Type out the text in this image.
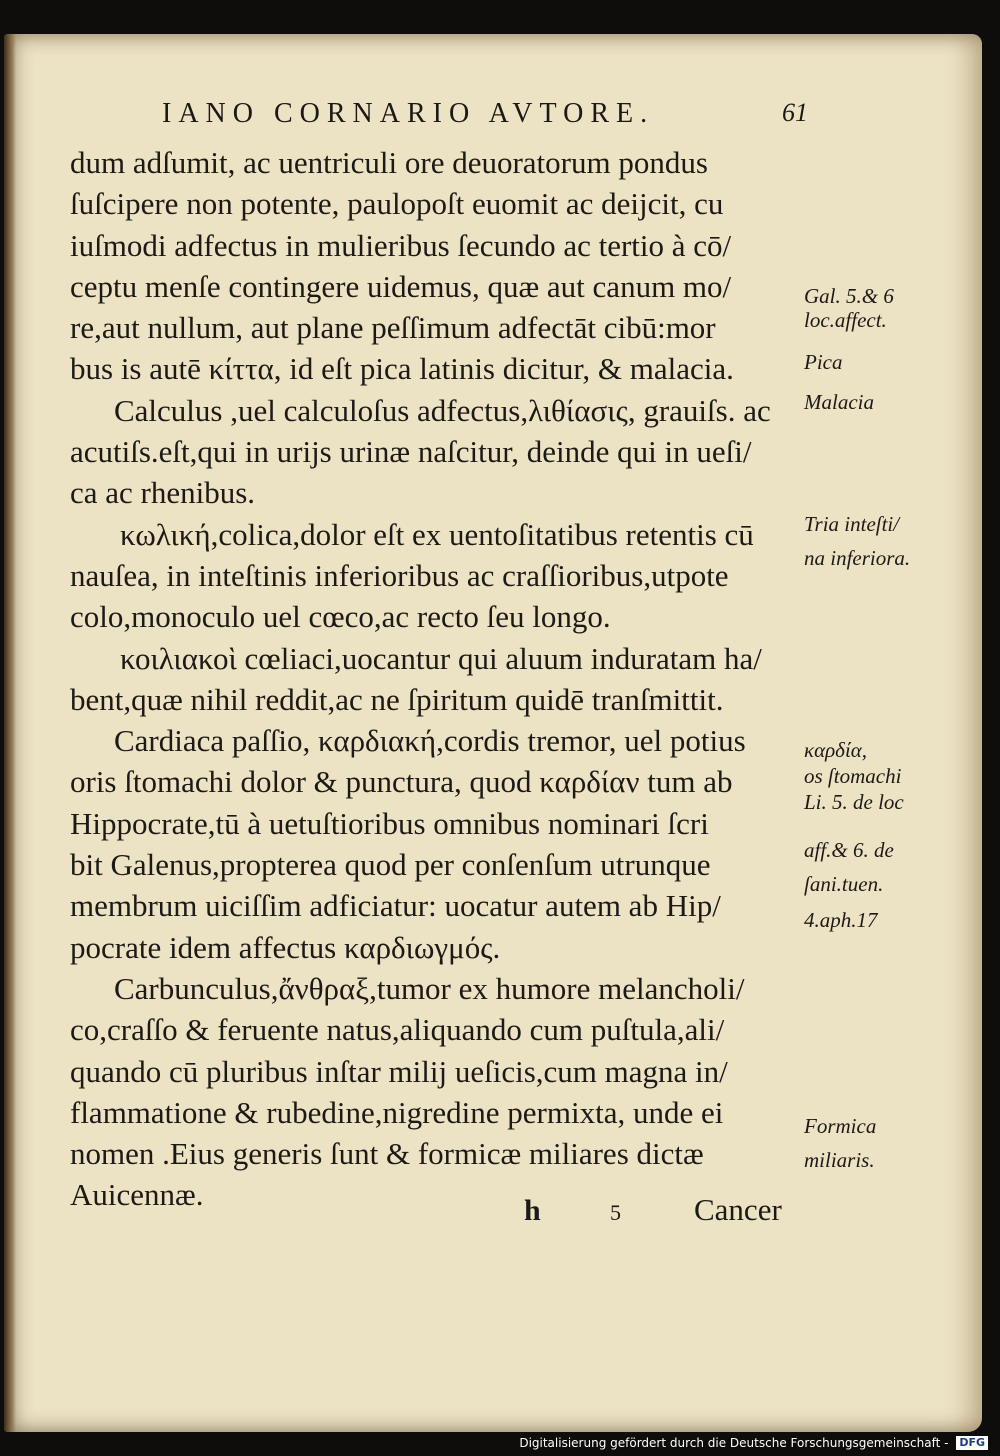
IANO CORNARIO AVTORE.	61
dum adſumit, ac uentriculi ore deuoratorum pondus
ſuſcipere non potente, paulopoſt euomit ac deijcit, cu
iuſmodi adfectus in mulieribus ſecundo ac tertio à cō/
ceptu menſe contingere uidemus, quæ aut canum mo/
re,aut nullum, aut plane peſſimum adfectāt cibū:mor
bus is autē κίττα, id eſt pica latinis dicitur, & malacia.
Calculus ,uel calculoſus adfectus,λιθίασις, grauiſs. ac
acutiſs.eſt,qui in urijs urinæ naſcitur, deinde qui in ueſi/
ca ac rhenibus.
κωλική,colica,dolor eſt ex uentoſitatibus retentis cū
nauſea, in inteſtinis inferioribus ac craſſioribus,utpote
colo,monoculo uel cœco,ac recto ſeu longo.
κοιλιακοὶ cœliaci,uocantur qui aluum induratam ha/
bent,quæ nihil reddit,ac ne ſpiritum quidē tranſmittit.
Cardiaca paſſio, καρδιακή,cordis tremor, uel potius
oris ſtomachi dolor & punctura, quod καρδίαν tum ab
Hippocrate,tū à uetuſtioribus omnibus nominari ſcri
bit Galenus,propterea quod per conſenſum utrunque
membrum uiciſſim adficiatur: uocatur autem ab Hip/
pocrate idem affectus καρδιωγμός.
Carbunculus,ἄνθραξ,tumor ex humore melancholi/
co,craſſo & feruente natus,aliquando cum puſtula,ali/
quando cū pluribus inſtar milij ueſicis,cum magna in/
flammatione & rubedine,nigredine permixta, unde ei
nomen .Eius generis ſunt & formicæ miliares dictæ
Auicennæ.
Gal. 5.& 6
loc.affect.
Pica
Malacia
Tria inteſti/
na inferiora.
καρδία,
os ſtomachi
Li. 5. de loc
aff.& 6. de
ſani.tuen.
4.aph.17
Formica
miliaris.
h	5 Cancer
Digitalisierung gefördert durch die Deutsche Forschungsgemeinschaft - DFG
